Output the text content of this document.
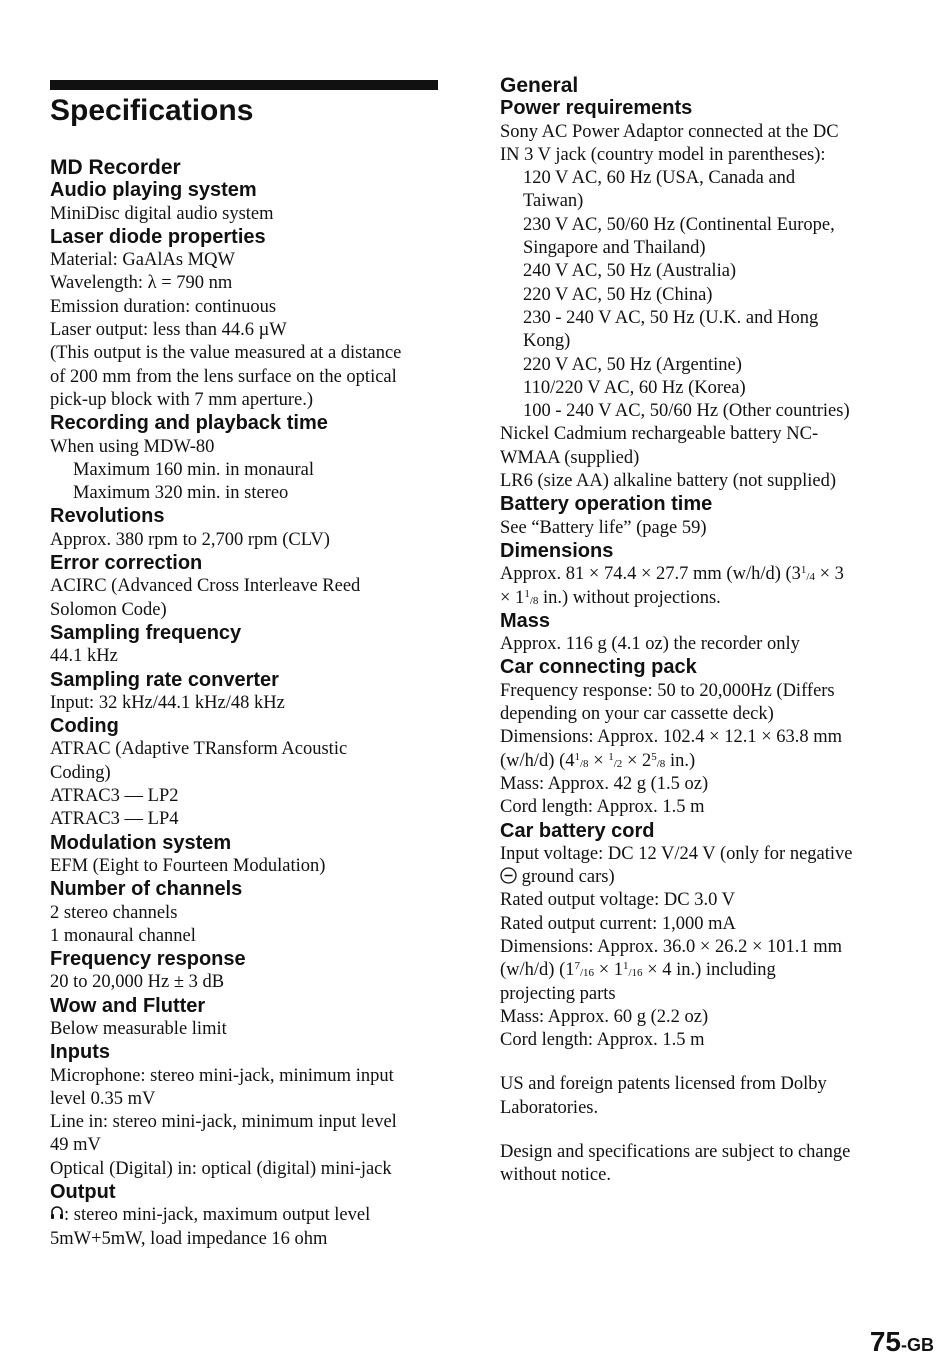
Specifications
MD Recorder
Audio playing system
MiniDisc digital audio system
Laser diode properties
Material: GaAlAs MQW
Wavelength: λ = 790 nm
Emission duration: continuous
Laser output: less than 44.6 µW
(This output is the value measured at a distance
of 200 mm from the lens surface on the optical
pick-up block with 7 mm aperture.)
Recording and playback time
When using MDW-80
Maximum 160 min. in monaural
Maximum 320 min. in stereo
Revolutions
Approx. 380 rpm to 2,700 rpm (CLV)
Error correction
ACIRC (Advanced Cross Interleave Reed
Solomon Code)
Sampling frequency
44.1 kHz
Sampling rate converter
Input: 32 kHz/44.1 kHz/48 kHz
Coding
ATRAC (Adaptive TRansform Acoustic
Coding)
ATRAC3 — LP2
ATRAC3 — LP4
Modulation system
EFM (Eight to Fourteen Modulation)
Number of channels
2 stereo channels
1 monaural channel
Frequency response
20 to 20,000 Hz ± 3 dB
Wow and Flutter
Below measurable limit
Inputs
Microphone: stereo mini-jack, minimum input
level 0.35 mV
Line in: stereo mini-jack, minimum input level
49 mV
Optical (Digital) in: optical (digital) mini-jack
Output
: stereo mini-jack, maximum output level
5mW+5mW, load impedance 16 ohm
General
Power requirements
Sony AC Power Adaptor connected at the DC
IN 3 V jack (country model in parentheses):
120 V AC, 60 Hz (USA, Canada and
Taiwan)
230 V AC, 50/60 Hz (Continental Europe,
Singapore and Thailand)
240 V AC, 50 Hz (Australia)
220 V AC, 50 Hz (China)
230 - 240 V AC, 50 Hz (U.K. and Hong
Kong)
220 V AC, 50 Hz (Argentine)
110/220 V AC, 60 Hz (Korea)
100 - 240 V AC, 50/60 Hz (Other countries)
Nickel Cadmium rechargeable battery NC-
WMAA (supplied)
LR6 (size AA) alkaline battery (not supplied)
Battery operation time
See “Battery life” (page 59)
Dimensions
Approx. 81 × 74.4 × 27.7 mm (w/h/d) ($3^1_{/4} \times 3$
× $1^1_{/8}$ in.) without projections.
Mass
Approx. 116 g (4.1 oz) the recorder only
Car connecting pack
Frequency response: 50 to 20,000Hz (Differs
depending on your car cassette deck)
Dimensions: Approx. 102.4 × 12.1 × 63.8 mm
(w/h/d) ($4^1_{/8} \times ^1_{/2} \times 2^5_{/8}$ in.)
Mass: Approx. 42 g (1.5 oz)
Cord length: Approx. 1.5 m
Car battery cord
Input voltage: DC 12 V/24 V (only for negative
ground cars)
Rated output voltage: DC 3.0 V
Rated output current: 1,000 mA
Dimensions: Approx. 36.0 × 26.2 × 101.1 mm
(w/h/d) ($1^7_{/16} \times 1^1_{/16} \times 4$ in.) including
projecting parts
Mass: Approx. 60 g (2.2 oz)
Cord length: Approx. 1.5 m
US and foreign patents licensed from Dolby
Laboratories.
Design and specifications are subject to change
without notice.
75-GB
